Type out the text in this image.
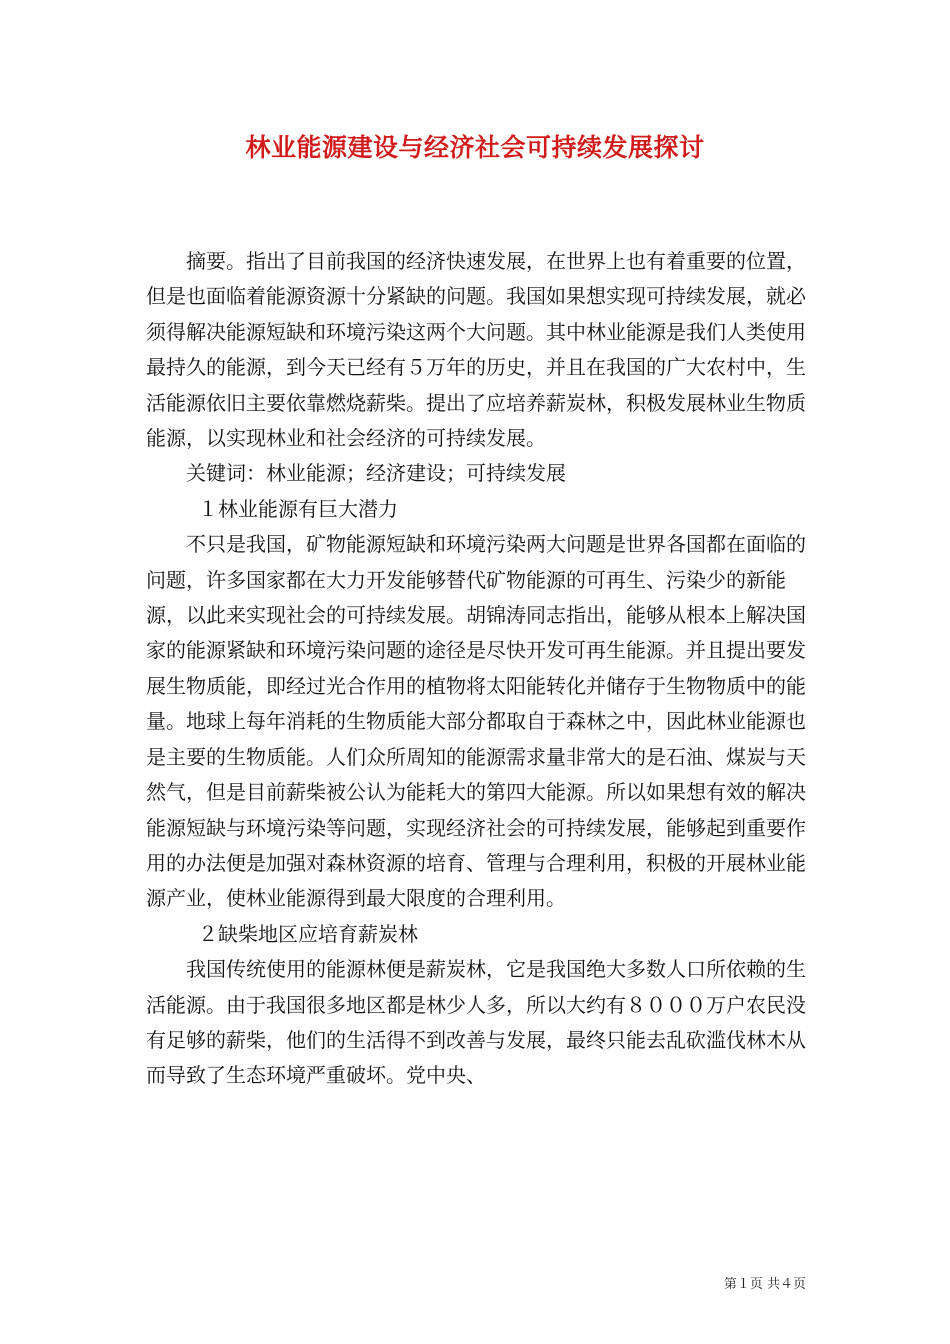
林业能源建设与经济社会可持续发展探讨

摘要。指出了目前我国的经济快速发展，在世界上也有着重要的位置，但是也面临着能源资源十分紧缺的问题。我国如果想实现可持续发展，就必须得解决能源短缺和环境污染这两个大问题。其中林业能源是我们人类使用最持久的能源，到今天已经有５万年的历史，并且在我国的广大农村中，生活能源依旧主要依靠燃烧薪柴。提出了应培养薪炭林，积极发展林业生物质能源，以实现林业和社会经济的可持续发展。

关键词：林业能源；经济建设；可持续发展

１林业能源有巨大潜力

不只是我国，矿物能源短缺和环境污染两大问题是世界各国都在面临的问题，许多国家都在大力开发能够替代矿物能源的可再生、污染少的新能源，以此来实现社会的可持续发展。胡锦涛同志指出，能够从根本上解决国家的能源紧缺和环境污染问题的途径是尽快开发可再生能源。并且提出要发展生物质能，即经过光合作用的植物将太阳能转化并储存于生物物质中的能量。地球上每年消耗的生物质能大部分都取自于森林之中，因此林业能源也是主要的生物质能。人们众所周知的能源需求量非常大的是石油、煤炭与天然气，但是目前薪柴被公认为能耗大的第四大能源。所以如果想有效的解决能源短缺与环境污染等问题，实现经济社会的可持续发展，能够起到重要作用的办法便是加强对森林资源的培育、管理与合理利用，积极的开展林业能源产业，使林业能源得到最大限度的合理利用。

２缺柴地区应培育薪炭林

我国传统使用的能源林便是薪炭林，它是我国绝大多数人口所依赖的生活能源。由于我国很多地区都是林少人多，所以大约有８０００万户农民没有足够的薪柴，他们的生活得不到改善与发展，最终只能去乱砍滥伐林木从而导致了生态环境严重破坏。党中央、

第１页 共４页
